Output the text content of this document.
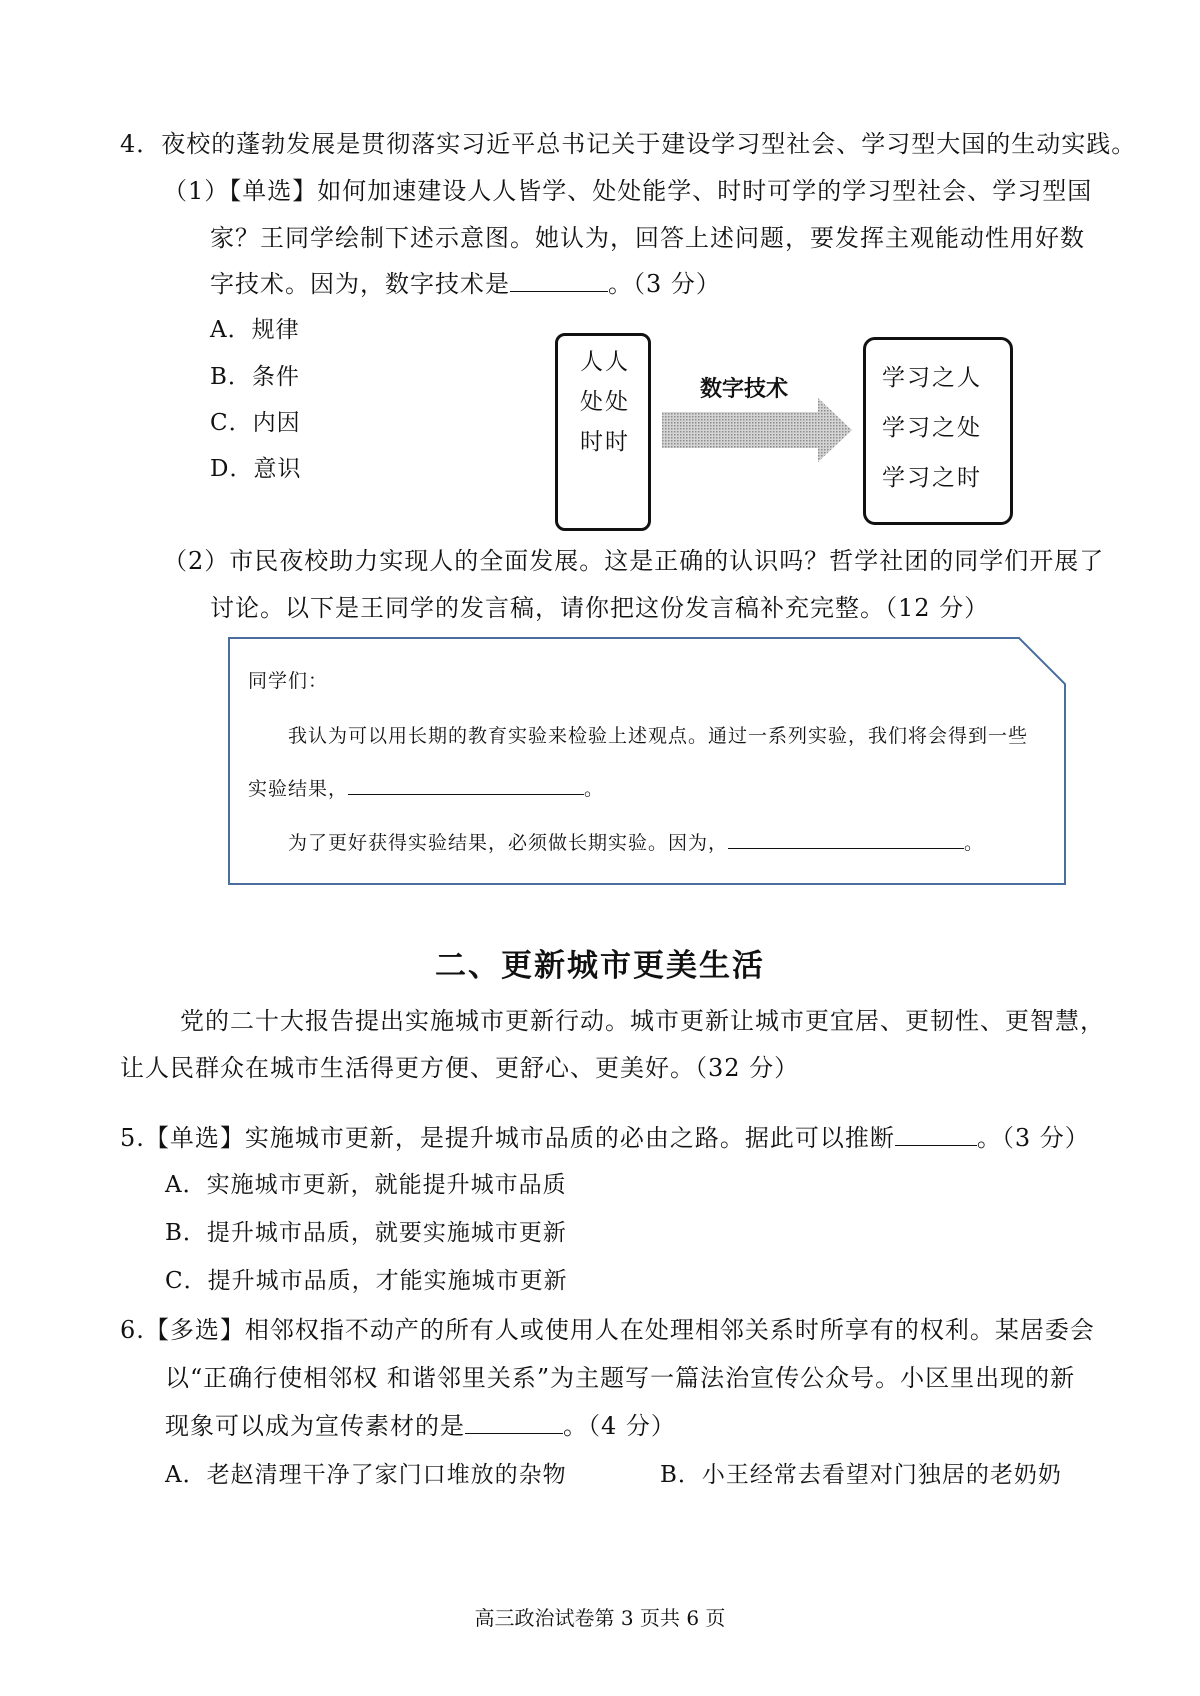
4．夜校的蓬勃发展是贯彻落实习近平总书记关于建设学习型社会、学习型大国的生动实践。
（1）【单选】如何加速建设人人皆学、处处能学、时时可学的学习型社会、学习型国
家？王同学绘制下述示意图。她认为，回答上述问题，要发挥主观能动性用好数
字技术。因为，数字技术是	。（3 分）
A．规律
B．条件
C．内因
D．意识
人人
处处
时时
数字技术	学习之人
学习之处
学习之时
（2）市民夜校助力实现人的全面发展。这是正确的认识吗？哲学社团的同学们开展了
讨论。以下是王同学的发言稿，请你把这份发言稿补充完整。（12 分）
同学们：
我认为可以用长期的教育实验来检验上述观点。通过一系列实验，我们将会得到一些
实验结果，	。
为了更好获得实验结果，必须做长期实验。因为，	。
二、更新城市更美生活
党的二十大报告提出实施城市更新行动。城市更新让城市更宜居、更韧性、更智慧，
让人民群众在城市生活得更方便、更舒心、更美好。（32 分）
5.【单选】实施城市更新，是提升城市品质的必由之路。据此可以推断	。（3 分）
A．实施城市更新，就能提升城市品质
B．提升城市品质，就要实施城市更新
C．提升城市品质，才能实施城市更新
6.【多选】相邻权指不动产的所有人或使用人在处理相邻关系时所享有的权利。某居委会
以“正确行使相邻权 和谐邻里关系”为主题写一篇法治宣传公众号。小区里出现的新
现象可以成为宣传素材的是	。（4 分）
A．老赵清理干净了家门口堆放的杂物	B．小王经常去看望对门独居的老奶奶
高三政治试卷第 3 页共 6 页
